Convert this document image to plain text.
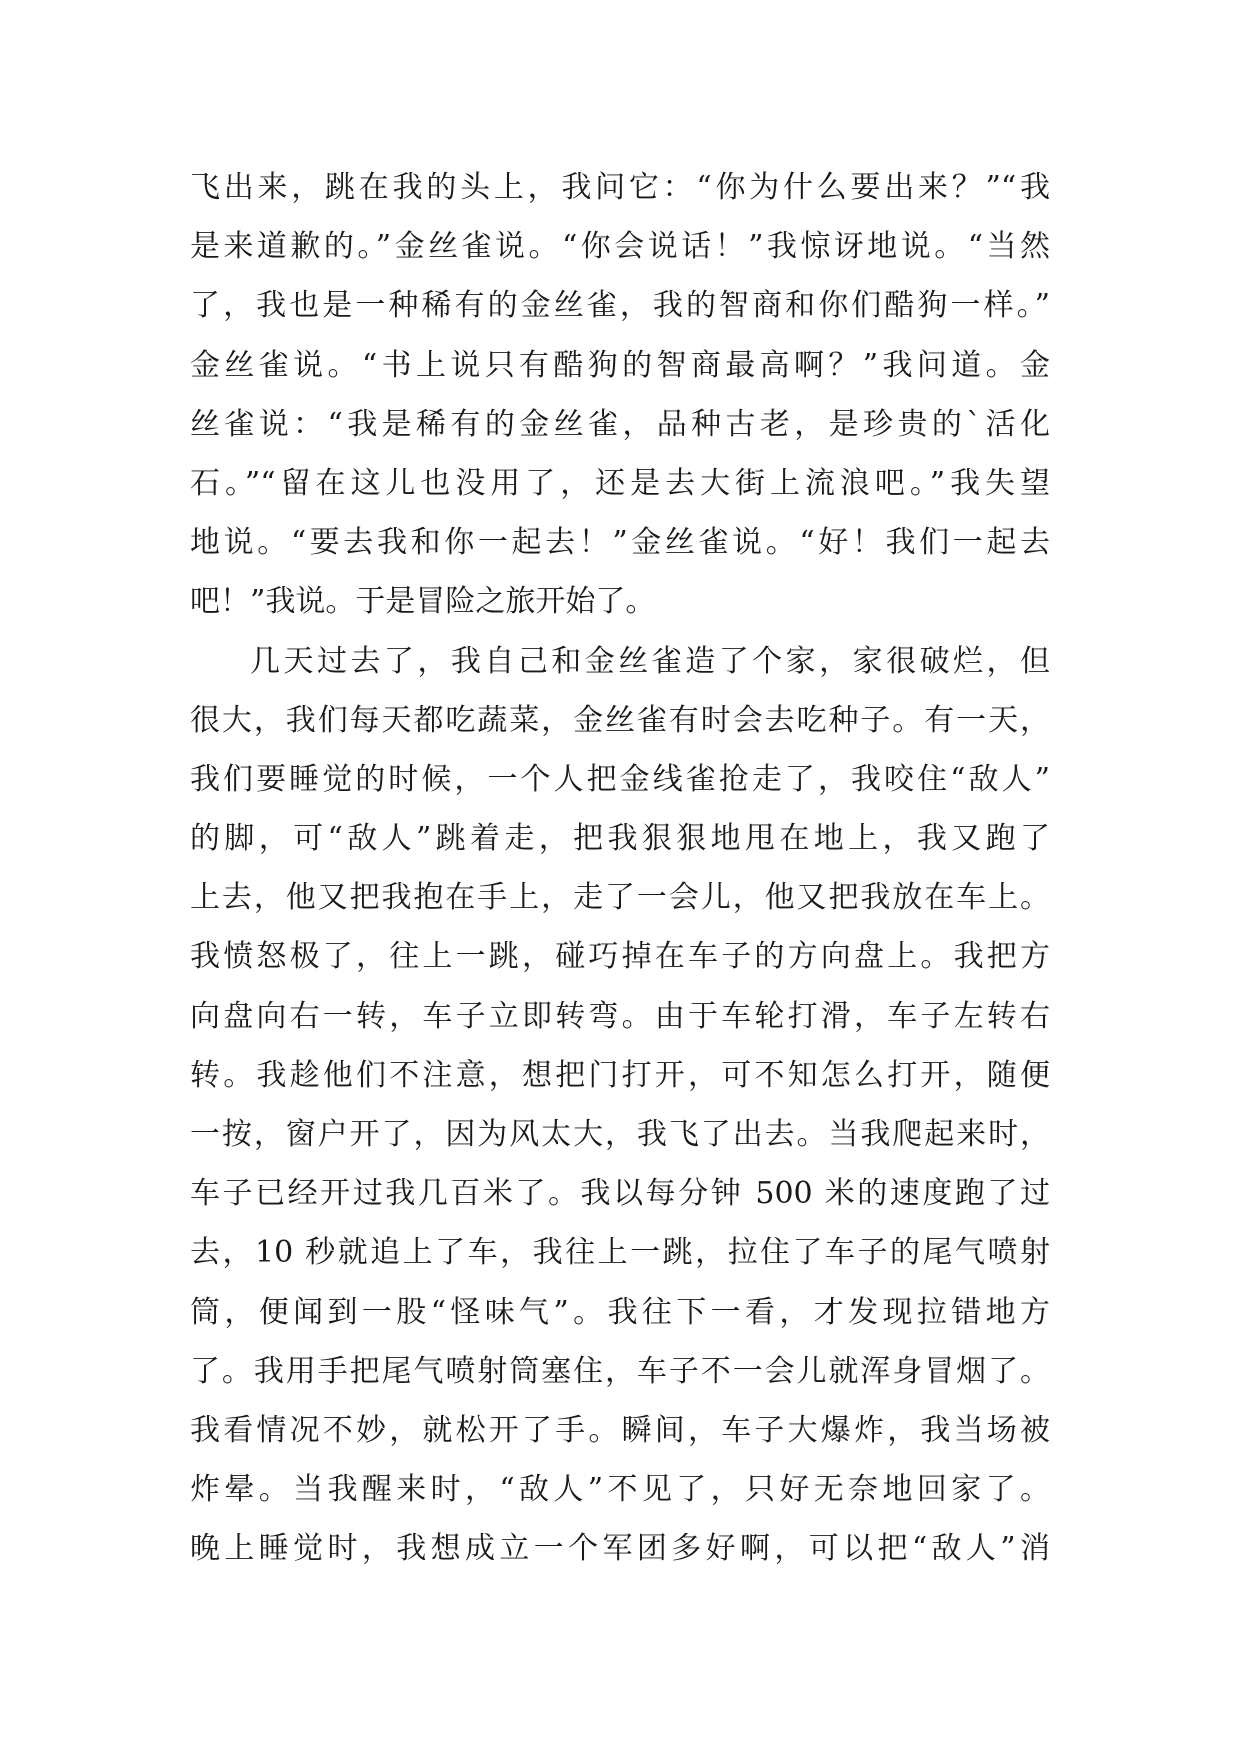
飞出来，跳在我的头上，我问它：“你为什么要出来？”“我
是来道歉的。”金丝雀说。“你会说话！”我惊讶地说。“当然
了，我也是一种稀有的金丝雀，我的智商和你们酷狗一样。”
金丝雀说。“书上说只有酷狗的智商最高啊？”我问道。金
丝雀说：“我是稀有的金丝雀，品种古老，是珍贵的`活化
石。”“留在这儿也没用了，还是去大街上流浪吧。”我失望
地说。“要去我和你一起去！”金丝雀说。“好！我们一起去
吧！”我说。于是冒险之旅开始了。
几天过去了，我自己和金丝雀造了个家，家很破烂，但
很大，我们每天都吃蔬菜，金丝雀有时会去吃种子。有一天，
我们要睡觉的时候，一个人把金线雀抢走了，我咬住“敌人”
的脚，可“敌人”跳着走，把我狠狠地甩在地上，我又跑了
上去，他又把我抱在手上，走了一会儿，他又把我放在车上。
我愤怒极了，往上一跳，碰巧掉在车子的方向盘上。我把方
向盘向右一转，车子立即转弯。由于车轮打滑，车子左转右
转。我趁他们不注意，想把门打开，可不知怎么打开，随便
一按，窗户开了，因为风太大，我飞了出去。当我爬起来时，
车子已经开过我几百米了。我以每分钟 500 米的速度跑了过
去，10 秒就追上了车，我往上一跳，拉住了车子的尾气喷射
筒，便闻到一股“怪味气”。我往下一看，才发现拉错地方
了。我用手把尾气喷射筒塞住，车子不一会儿就浑身冒烟了。
我看情况不妙，就松开了手。瞬间，车子大爆炸，我当场被
炸晕。当我醒来时，“敌人”不见了，只好无奈地回家了。
晚上睡觉时，我想成立一个军团多好啊，可以把“敌人”消
